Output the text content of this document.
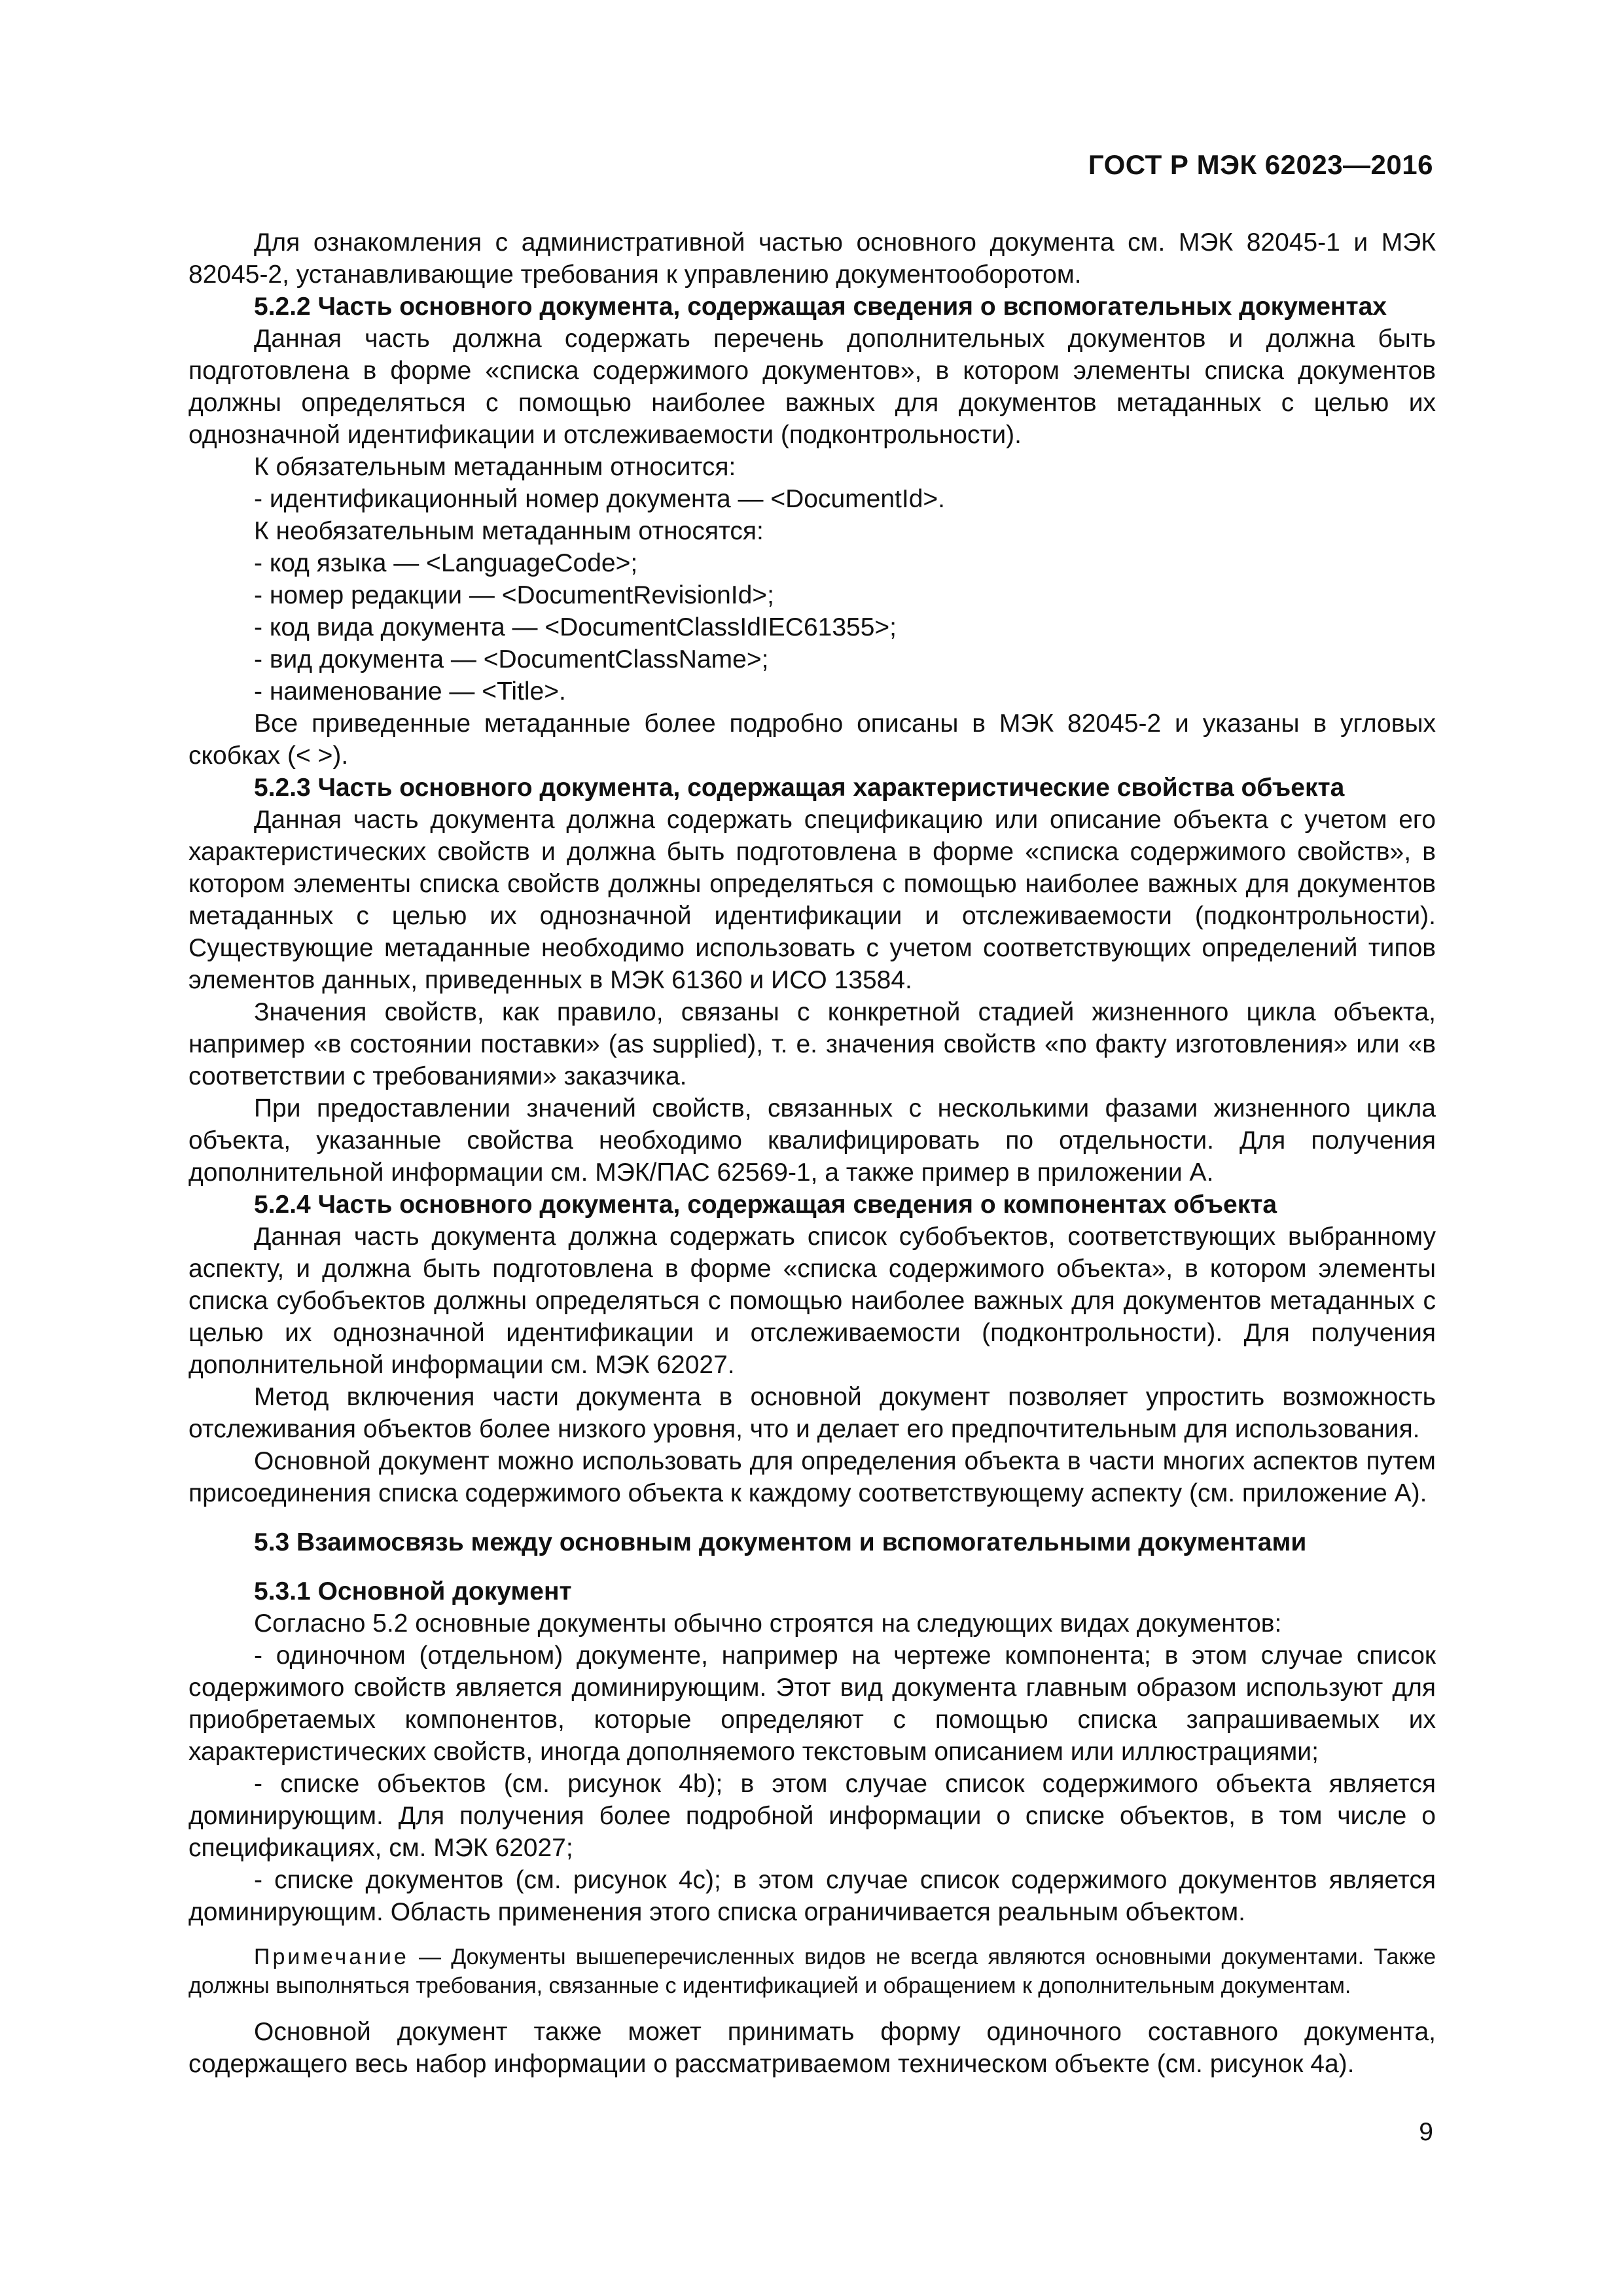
ГОСТ Р МЭК 62023—2016

Для ознакомления с административной частью основного документа см. МЭК 82045-1 и МЭК 82045-2, устанавливающие требования к управлению документооборотом.

5.2.2 Часть основного документа, содержащая сведения о вспомогательных документах

Данная часть должна содержать перечень дополнительных документов и должна быть подготовлена в форме «списка содержимого документов», в котором элементы списка документов должны определяться с помощью наиболее важных для документов метаданных с целью их однозначной идентификации и отслеживаемости (подконтрольности).

К обязательным метаданным относится:

- идентификационный номер документа — <DocumentId>.

К необязательным метаданным относятся:

- код языка — <LanguageCode>;

- номер редакции — <DocumentRevisionId>;

- код вида документа — <DocumentClassIdIEC61355>;

- вид документа — <DocumentClassName>;

- наименование — <Title>.

Все приведенные метаданные более подробно описаны в МЭК 82045-2 и указаны в угловых скобках (< >).

5.2.3 Часть основного документа, содержащая характеристические свойства объекта

Данная часть документа должна содержать спецификацию или описание объекта с учетом его характеристических свойств и должна быть подготовлена в форме «списка содержимого свойств», в котором элементы списка свойств должны определяться с помощью наиболее важных для документов метаданных с целью их однозначной идентификации и отслеживаемости (подконтрольности). Существующие метаданные необходимо использовать с учетом соответствующих определений типов элементов данных, приведенных в МЭК 61360 и ИСО 13584.

Значения свойств, как правило, связаны с конкретной стадией жизненного цикла объекта, например «в состоянии поставки» (as supplied), т. е. значения свойств «по факту изготовления» или «в соответствии с требованиями» заказчика.

При предоставлении значений свойств, связанных с несколькими фазами жизненного цикла объекта, указанные свойства необходимо квалифицировать по отдельности. Для получения дополнительной информации см. МЭК/ПАС 62569-1, а также пример в приложении А.

5.2.4 Часть основного документа, содержащая сведения о компонентах объекта

Данная часть документа должна содержать список субобъектов, соответствующих выбранному аспекту, и должна быть подготовлена в форме «списка содержимого объекта», в котором элементы списка субобъектов должны определяться с помощью наиболее важных для документов метаданных с целью их однозначной идентификации и отслеживаемости (подконтрольности). Для получения дополнительной информации см. МЭК 62027.

Метод включения части документа в основной документ позволяет упростить возможность отслеживания объектов более низкого уровня, что и делает его предпочтительным для использования.

Основной документ можно использовать для определения объекта в части многих аспектов путем присоединения списка содержимого объекта к каждому соответствующему аспекту (см. приложение А).

5.3 Взаимосвязь между основным документом и вспомогательными документами

5.3.1 Основной документ

Согласно 5.2 основные документы обычно строятся на следующих видах документов:

- одиночном (отдельном) документе, например на чертеже компонента; в этом случае список содержимого свойств является доминирующим. Этот вид документа главным образом используют для приобретаемых компонентов, которые определяют с помощью списка запрашиваемых их характеристических свойств, иногда дополняемого текстовым описанием или иллюстрациями;

- списке объектов (см. рисунок 4b); в этом случае список содержимого объекта является доминирующим. Для получения более подробной информации о списке объектов, в том числе о спецификациях, см. МЭК 62027;

- списке документов (см. рисунок 4с); в этом случае список содержимого документов является доминирующим. Область применения этого списка ограничивается реальным объектом.

Примечание — Документы вышеперечисленных видов не всегда являются основными документами. Также должны выполняться требования, связанные с идентификацией и обращением к дополнительным документам.

Основной документ также может принимать форму одиночного составного документа, содержащего весь набор информации о рассматриваемом техническом объекте (см. рисунок 4а).

9
